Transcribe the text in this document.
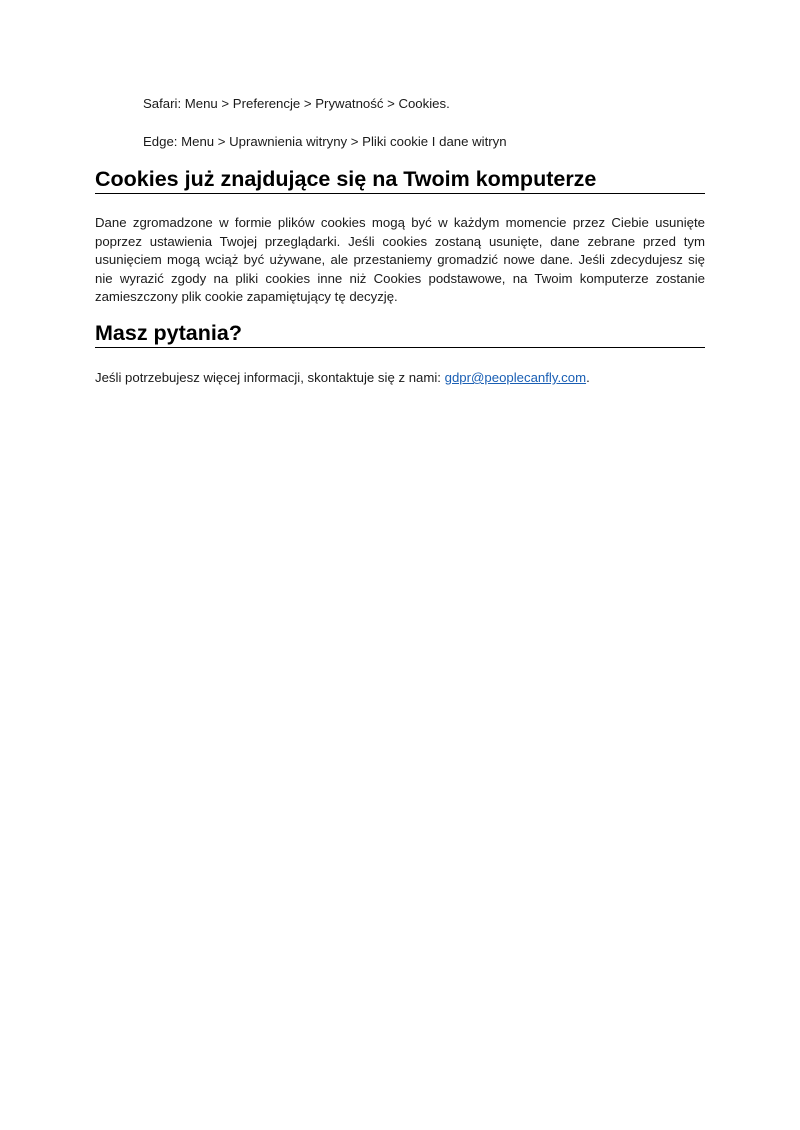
Safari: Menu > Preferencje > Prywatność > Cookies.
Edge: Menu > Uprawnienia witryny > Pliki cookie I dane witryn
Cookies już znajdujące się na Twoim komputerze

Dane zgromadzone w formie plików cookies mogą być w każdym momencie przez Ciebie usunięte poprzez ustawienia Twojej przeglądarki. Jeśli cookies zostaną usunięte, dane zebrane przed tym usunięciem mogą wciąż być używane, ale przestaniemy gromadzić nowe dane. Jeśli zdecydujesz się nie wyrazić zgody na pliki cookies inne niż Cookies podstawowe, na Twoim komputerze zostanie zamieszczony plik cookie zapamiętujący tę decyzję.

Masz pytania?

Jeśli potrzebujesz więcej informacji, skontaktuje się z nami: gdpr@peoplecanfly.com.
